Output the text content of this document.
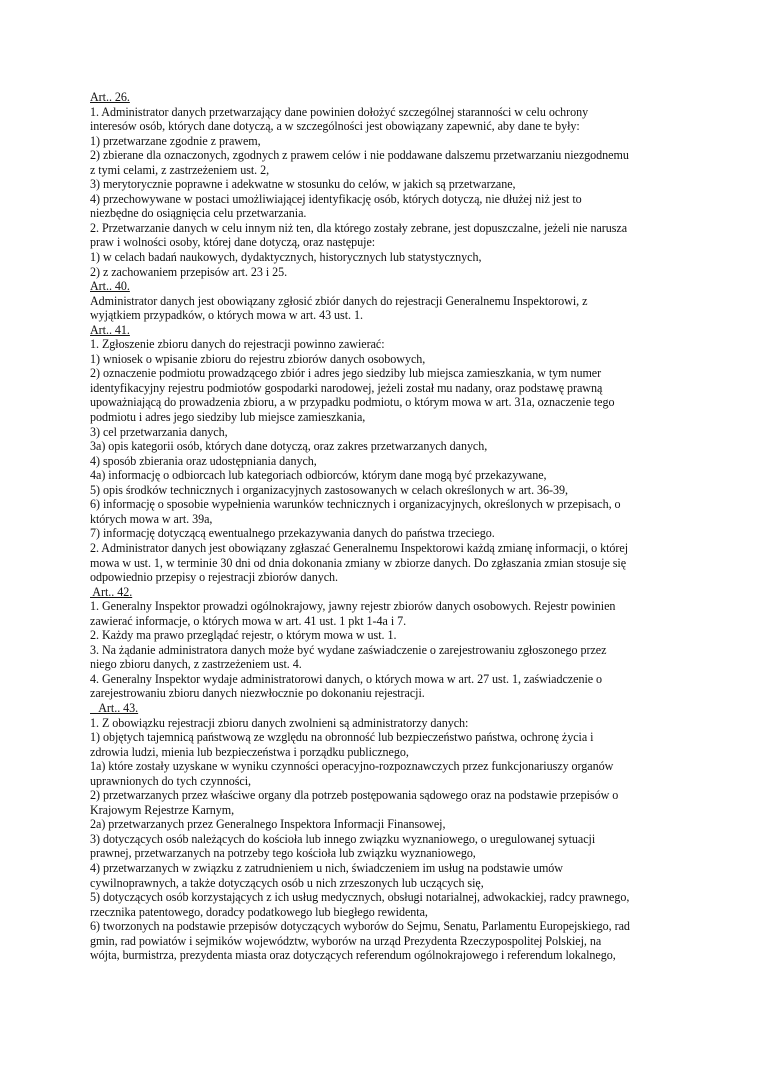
Art.. 26.
1. Administrator danych przetwarzający dane powinien dołożyć szczególnej staranności w celu ochrony
interesów osób, których dane dotyczą, a w szczególności jest obowiązany zapewnić, aby dane te były:
1) przetwarzane zgodnie z prawem,
2) zbierane dla oznaczonych, zgodnych z prawem celów i nie poddawane dalszemu przetwarzaniu niezgodnemu
z tymi celami, z zastrzeżeniem ust. 2,
3) merytorycznie poprawne i adekwatne w stosunku do celów, w jakich są przetwarzane,
4) przechowywane w postaci umożliwiającej identyfikację osób, których dotyczą, nie dłużej niż jest to
niezbędne do osiągnięcia celu przetwarzania.
2. Przetwarzanie danych w celu innym niż ten, dla którego zostały zebrane, jest dopuszczalne, jeżeli nie narusza
praw i wolności osoby, której dane dotyczą, oraz następuje:
1) w celach badań naukowych, dydaktycznych, historycznych lub statystycznych,
2) z zachowaniem przepisów art. 23 i 25.
Art.. 40.
Administrator danych jest obowiązany zgłosić zbiór danych do rejestracji Generalnemu Inspektorowi, z
wyjątkiem przypadków, o których mowa w art. 43 ust. 1.
Art.. 41.
1. Zgłoszenie zbioru danych do rejestracji powinno zawierać:
1) wniosek o wpisanie zbioru do rejestru zbiorów danych osobowych,
2) oznaczenie podmiotu prowadzącego zbiór i adres jego siedziby lub miejsca zamieszkania, w tym numer
identyfikacyjny rejestru podmiotów gospodarki narodowej, jeżeli został mu nadany, oraz podstawę prawną
upoważniającą do prowadzenia zbioru, a w przypadku podmiotu, o którym mowa w art. 31a, oznaczenie tego
podmiotu i adres jego siedziby lub miejsce zamieszkania,
3) cel przetwarzania danych,
3a) opis kategorii osób, których dane dotyczą, oraz zakres przetwarzanych danych,
4) sposób zbierania oraz udostępniania danych,
4a) informację o odbiorcach lub kategoriach odbiorców, którym dane mogą być przekazywane,
5) opis środków technicznych i organizacyjnych zastosowanych w celach określonych w art. 36-39,
6) informację o sposobie wypełnienia warunków technicznych i organizacyjnych, określonych w przepisach, o
których mowa w art. 39a,
7) informację dotyczącą ewentualnego przekazywania danych do państwa trzeciego.
2. Administrator danych jest obowiązany zgłaszać Generalnemu Inspektorowi każdą zmianę informacji, o której
mowa w ust. 1, w terminie 30 dni od dnia dokonania zmiany w zbiorze danych. Do zgłaszania zmian stosuje się
odpowiednio przepisy o rejestracji zbiorów danych.
Art.. 42.
1. Generalny Inspektor prowadzi ogólnokrajowy, jawny rejestr zbiorów danych osobowych. Rejestr powinien
zawierać informacje, o których mowa w art. 41 ust. 1 pkt 1-4a i 7.
2. Każdy ma prawo przeglądać rejestr, o którym mowa w ust. 1.
3. Na żądanie administratora danych może być wydane zaświadczenie o zarejestrowaniu zgłoszonego przez
niego zbioru danych, z zastrzeżeniem ust. 4.
4. Generalny Inspektor wydaje administratorowi danych, o których mowa w art. 27 ust. 1, zaświadczenie o
zarejestrowaniu zbioru danych niezwłocznie po dokonaniu rejestracji.
Art.. 43.
1. Z obowiązku rejestracji zbioru danych zwolnieni są administratorzy danych:
1) objętych tajemnicą państwową ze względu na obronność lub bezpieczeństwo państwa, ochronę życia i
zdrowia ludzi, mienia lub bezpieczeństwa i porządku publicznego,
1a) które zostały uzyskane w wyniku czynności operacyjno-rozpoznawczych przez funkcjonariuszy organów
uprawnionych do tych czynności,
2) przetwarzanych przez właściwe organy dla potrzeb postępowania sądowego oraz na podstawie przepisów o
Krajowym Rejestrze Karnym,
2a) przetwarzanych przez Generalnego Inspektora Informacji Finansowej,
3) dotyczących osób należących do kościoła lub innego związku wyznaniowego, o uregulowanej sytuacji
prawnej, przetwarzanych na potrzeby tego kościoła lub związku wyznaniowego,
4) przetwarzanych w związku z zatrudnieniem u nich, świadczeniem im usług na podstawie umów
cywilnoprawnych, a także dotyczących osób u nich zrzeszonych lub uczących się,
5) dotyczących osób korzystających z ich usług medycznych, obsługi notarialnej, adwokackiej, radcy prawnego,
rzecznika patentowego, doradcy podatkowego lub biegłego rewidenta,
6) tworzonych na podstawie przepisów dotyczących wyborów do Sejmu, Senatu, Parlamentu Europejskiego, rad
gmin, rad powiatów i sejmików województw, wyborów na urząd Prezydenta Rzeczypospolitej Polskiej, na
wójta, burmistrza, prezydenta miasta oraz dotyczących referendum ogólnokrajowego i referendum lokalnego,
